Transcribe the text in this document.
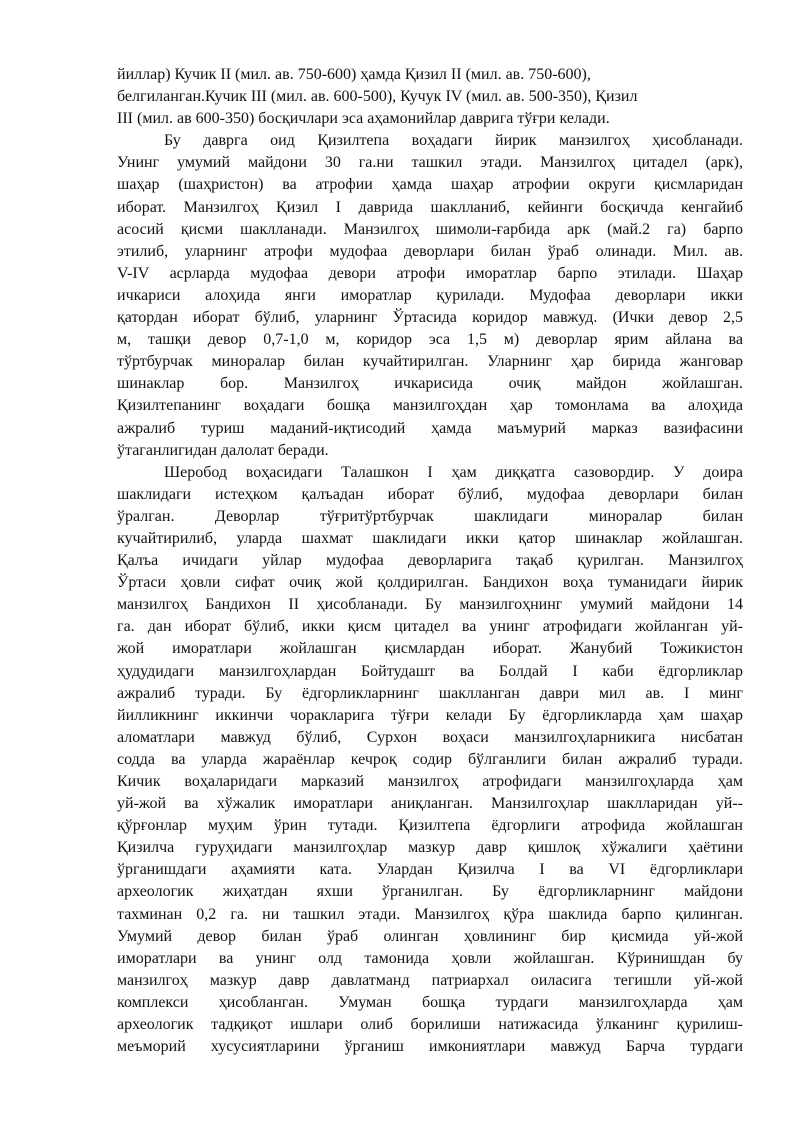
йиллар) Кучик II (мил. ав. 750-600) ҳамда Қизил II (мил. ав. 750-600),
белгиланган.Кучик III (мил. ав. 600-500), Кучук IV (мил. ав. 500-350), Қизил
III (мил. ав 600-350) босқичлари эса аҳамонийлар даврига тўғри келади.
Бу даврга оид Қизилтепа воҳадаги йирик манзилгоҳ ҳисобланади.
Унинг умумий майдони 30 га.ни ташкил этади. Манзилгоҳ цитадел (арк),
шаҳар (шаҳристон) ва атрофии ҳамда шаҳар атрофии округи қисмларидан
иборат. Манзилгоҳ Қизил I даврида шаклланиб, кейинги босқичда кенгайиб
асосий қисми шаклланади. Манзилгоҳ шимоли-ғарбида арк (май.2 га) барпо
этилиб, уларнинг атрофи мудофаа деворлари билан ўраб олинади. Мил. ав.
V-IV асрларда мудофаа девори атрофи иморатлар барпо этилади. Шаҳар
ичкариси алоҳида янги иморатлар қурилади. Мудофаа деворлари икки
қатордан иборат бўлиб, уларнинг Ўртасида коридор мавжуд. (Ички девор 2,5
м, ташқи девор 0,7-1,0 м, коридор эса 1,5 м) деворлар ярим айлана ва
тўртбурчак миноралар билан кучайтирилган. Уларнинг ҳар бирида жанговар
шинаклар бор. Манзилгоҳ ичкарисида очиқ майдон жойлашган.
Қизилтепанинг воҳадаги бошқа манзилгоҳдан ҳар томонлама ва алоҳида
ажралиб туриш маданий-иқтисодий ҳамда маъмурий марказ вазифасини
ўтаганлигидан далолат беради.
Шеробод воҳасидаги Талашкон I ҳам диққатга сазовордир. У доира
шаклидаги истеҳком қалъадан иборат бўлиб, мудофаа деворлари билан
ўралган. Деворлар тўғритўртбурчак шаклидаги миноралар билан
кучайтирилиб, уларда шахмат шаклидаги икки қатор шинаклар жойлашган.
Қалъа ичидаги уйлар мудофаа деворларига тақаб қурилган. Манзилгоҳ
Ўртаси ҳовли сифат очиқ жой қолдирилган. Бандихон воҳа туманидаги йирик
манзилгоҳ Бандихон II ҳисобланади. Бу манзилгоҳнинг умумий майдони 14
га. дан иборат бўлиб, икки қисм цитадел ва унинг атрофидаги жойланган уй-
жой иморатлари жойлашган қисмлардан иборат. Жанубий Тожикистон
ҳудудидаги манзилгоҳлардан Бойтудашт ва Болдай I каби ёдгорликлар
ажралиб туради. Бу ёдгорликларнинг шаклланган даври мил ав. I минг
йилликнинг иккинчи чоракларига тўғри келади Бу ёдгорликларда ҳам шаҳар
аломатлари мавжуд бўлиб, Сурхон воҳаси манзилгоҳларникига нисбатан
содда ва уларда жараёнлар кечроқ содир бўлганлиги билан ажралиб туради.
Кичик воҳаларидаги марказий манзилгоҳ атрофидаги манзилгоҳларда ҳам
уй-жой ва хўжалик иморатлари аниқланган. Манзилгоҳлар шаклларидан уй--
қўрғонлар муҳим ўрин тутади. Қизилтепа ёдгорлиги атрофида жойлашган
Қизилча гуруҳидаги манзилгоҳлар мазкур давр қишлоқ хўжалиги ҳаётини
ўрганишдаги аҳамияти ката. Улардан Қизилча I ва VI ёдгорликлари
археологик жиҳатдан яхши ўрганилган. Бу ёдгорликларнинг майдони
тахминан 0,2 га. ни ташкил этади. Манзилгоҳ қўра шаклида барпо қилинган.
Умумий девор билан ўраб олинган ҳовлининг бир қисмида уй-жой
иморатлари ва унинг олд тамонида ҳовли жойлашган. Кўринишдан бу
манзилгоҳ мазкур давр давлатманд патриархал оиласига тегишли уй-жой
комплекси ҳисобланган. Умуман бошқа турдаги манзилгоҳларда ҳам
археологик тадқиқот ишлари олиб борилиши натижасида ўлканинг қурилиш-
меъморий хусусиятларини ўрганиш имкониятлари мавжуд Барча турдаги
